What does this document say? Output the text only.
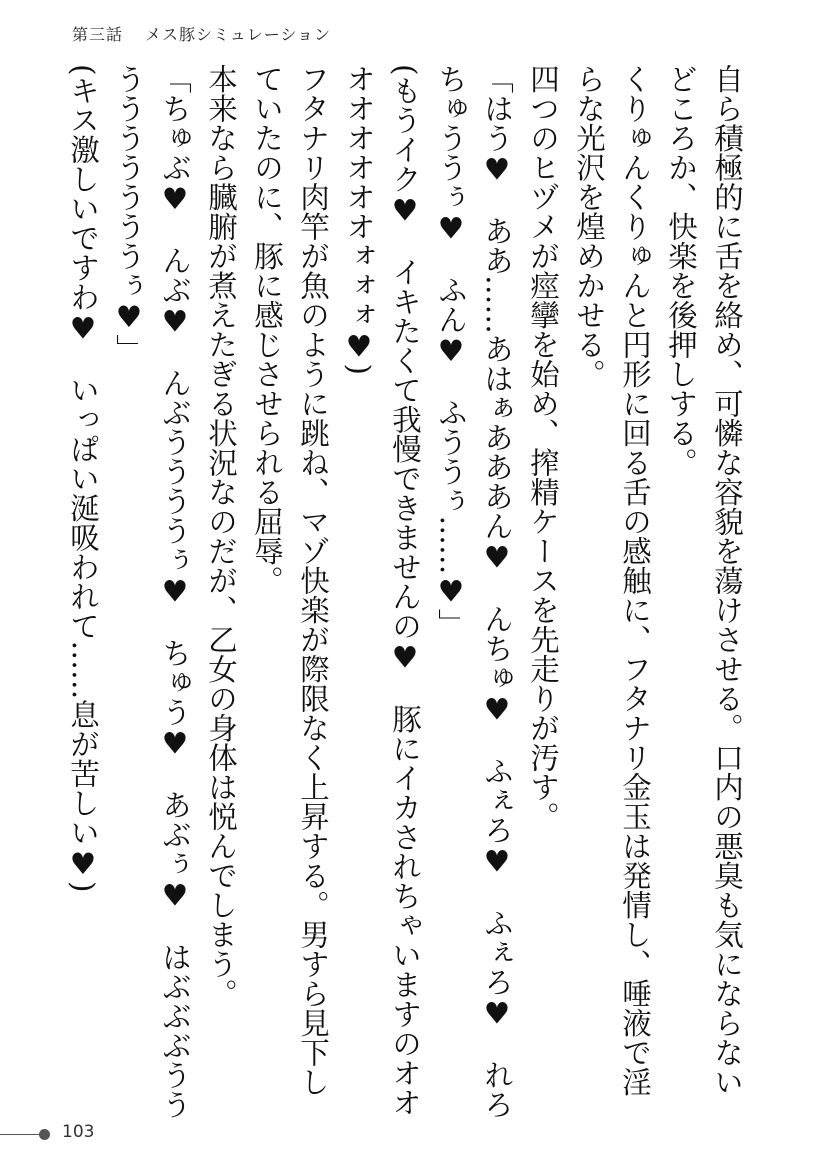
第三話 メス豚シミュレーション

自ら積極的に舌を絡め、可憐な容貌を蕩けさせる。口内の悪臭も気にならないどころか、快楽を後押しする。

くりゅんくりゅんと円形に回る舌の感触に、フタナリ金玉は発情し、唾液で淫らな光沢を煌めかせる。

四つのヒヅメが痙攣を始め、搾精ケースを先走りが汚す。

「はう♥　ああ……あはぁあああん♥　んちゅ♥　ふぇろ♥　ふぇろ♥　れろちゅううぅ♥　ふん♥　ふううぅ……♥」

(もうイク♥　イキたくて我慢できませんの♥　豚にイカされちゃいますのオオオオオオオオォォォ♥)

フタナリ肉竿が魚のように跳ね、マゾ快楽が際限なく上昇する。男すら見下していたのに、豚に感じさせられる屈辱。

本来なら臓腑が煮えたぎる状況なのだが、乙女の身体は悦んでしまう。

「ちゅぶ♥　んぶ♥　んぶううううぅ♥　ちゅう♥　あぶぅ♥　はぶぶぶうううううううううぅ♥」

(キス激しいですわ♥　いっぱい涎吸われて……息が苦しい♥)

103
